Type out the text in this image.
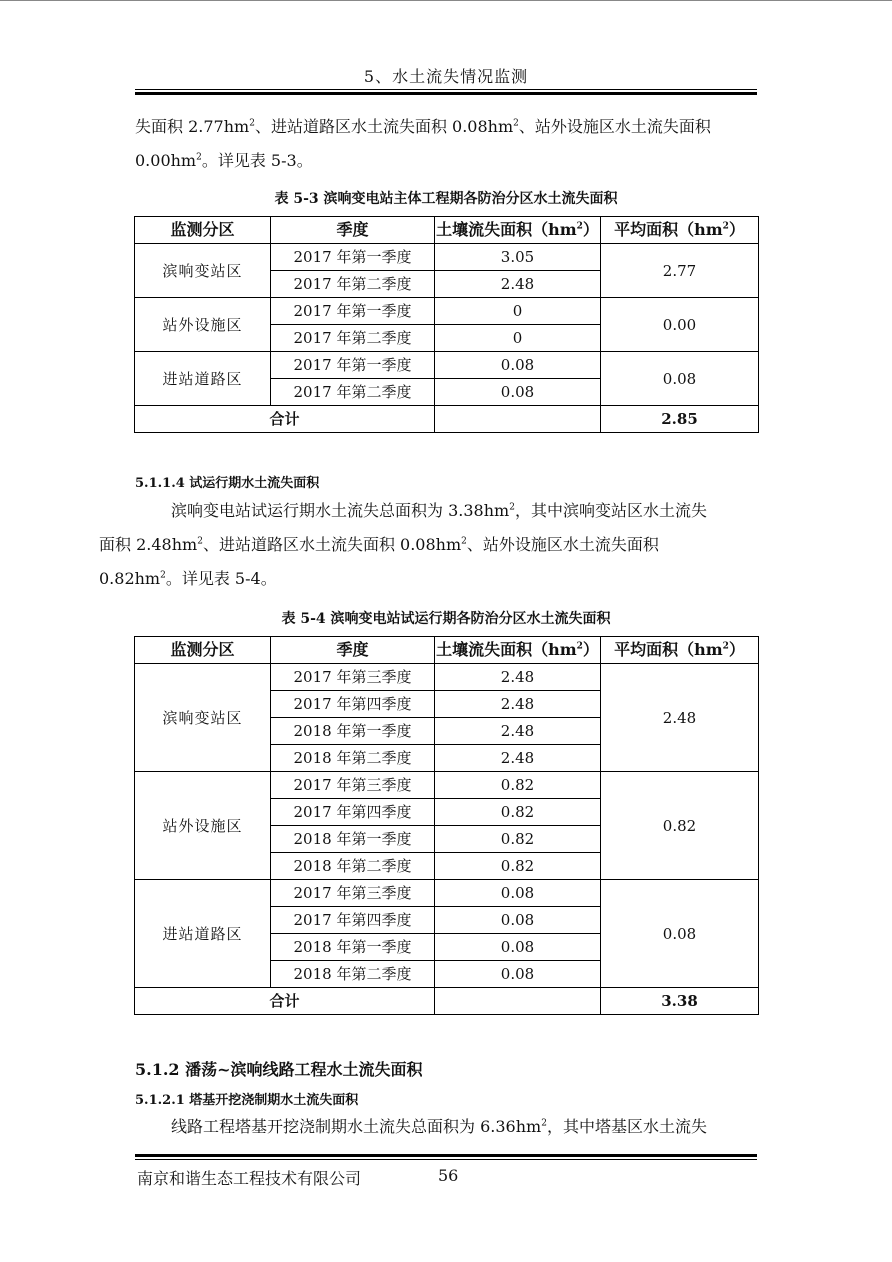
5、水土流失情况监测

失面积 $2.77hm^2$、进站道路区水土流失面积 $0.08hm^2$、站外设施区水土流失面积
$0.00hm^2$。详见表 5-3。

表 5-3 滨响变电站主体工程期各防治分区水土流失面积
监测分区	季度	土壤流失面积$(hm^2)$	平均面积$(hm^2)$
滨响变站区	2017 年第一季度	3.05	2.77
	2017 年第二季度	2.48	
站外设施区	2017 年第一季度	0	0.00
	2017 年第二季度	0	
进站道路区	2017 年第一季度	0.08	0.08
	2017 年第二季度	0.08	
合计			2.85
5.1.1.4 试运行期水土流失面积

滨响变电站试运行期水土流失总面积为 $3.38hm^2$，其中滨响变站区水土流失
面积 $2.48hm^2$、进站道路区水土流失面积 $0.08hm^2$、站外设施区水土流失面积
$0.82hm^2$。详见表 5-4。

表 5-4 滨响变电站试运行期各防治分区水土流失面积
监测分区	季度	土壤流失面积$(hm^2)$	平均面积$(hm^2)$
滨响变站区	2017 年第三季度	2.48	2.48
	2017 年第四季度	2.48	
	2018 年第一季度	2.48	
	2018 年第二季度	2.48	
站外设施区	2017 年第三季度	0.82	0.82
	2017 年第四季度	0.82	
	2018 年第一季度	0.82	
	2018 年第二季度	0.82	
进站道路区	2017 年第三季度	0.08	0.08
	2017 年第四季度	0.08	
	2018 年第一季度	0.08	
	2018 年第二季度	0.08	
合计			3.38
5.1.2 潘荡~滨响线路工程水土流失面积
5.1.2.1 塔基开挖浇制期水土流失面积

线路工程塔基开挖浇制期水土流失总面积为 $6.36hm^2$，其中塔基区水土流失

南京和谐生态工程技术有限公司	56
